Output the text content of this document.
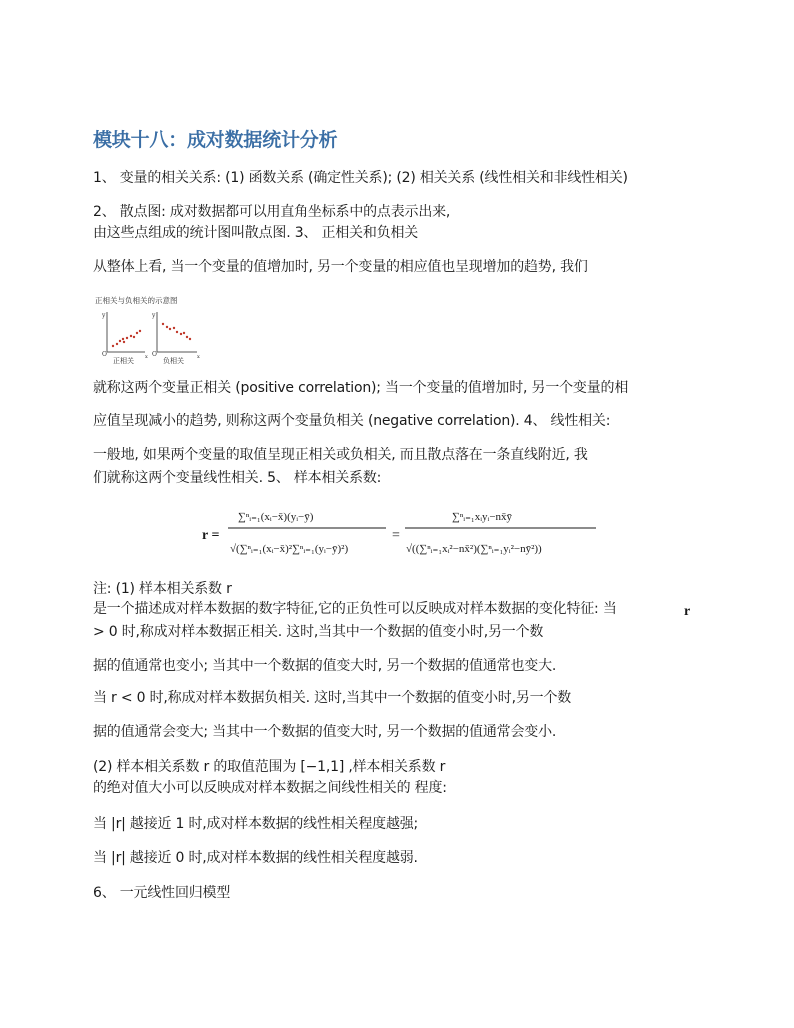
模块十八：成对数据统计分析
1、 变量的相关关系: (1) 函数关系 (确定性关系); (2) 相关关系 (线性相关和非线性相关)
2、 散点图: 成对数据都可以用直角坐标系中的点表示出来,
由这些点组成的统计图叫散点图. 3、 正相关和负相关
从整体上看, 当一个变量的值增加时, 另一个变量的相应值也呈现增加的趋势, 我们
正相关与负相关的示意图
y
O	x
正相关
y
O	x
负相关
就称这两个变量正相关 (positive correlation); 当一个变量的值增加时, 另一个变量的相
应值呈现减小的趋势, 则称这两个变量负相关 (negative correlation). 4、 线性相关:
一般地, 如果两个变量的取值呈现正相关或负相关, 而且散点落在一条直线附近, 我
们就称这两个变量线性相关. 5、 样本相关系数:
r =
∑ⁿᵢ₌₁(xᵢ−x̄)(yᵢ−ȳ)
√(∑ⁿᵢ₌₁(xᵢ−x̄)²∑ⁿᵢ₌₁(yᵢ−ȳ)²)
=
∑ⁿᵢ₌₁xᵢyᵢ−nx̄ȳ
√((∑ⁿᵢ₌₁xᵢ²−nx̄²)(∑ⁿᵢ₌₁yᵢ²−nȳ²))
注: (1) 样本相关系数 r
是一个描述成对样本数据的数字特征,它的正负性可以反映成对样本数据的变化特征: 当	r
> 0 时,称成对样本数据正相关. 这时,当其中一个数据的值变小时,另一个数
据的值通常也变小; 当其中一个数据的值变大时, 另一个数据的值通常也变大.
当 r < 0 时,称成对样本数据负相关. 这时,当其中一个数据的值变小时,另一个数
据的值通常会变大; 当其中一个数据的值变大时, 另一个数据的值通常会变小.
(2) 样本相关系数 r 的取值范围为 [−1,1] ,样本相关系数 r
的绝对值大小可以反映成对样本数据之间线性相关的 程度:
当 |r| 越接近 1 时,成对样本数据的线性相关程度越强;
当 |r| 越接近 0 时,成对样本数据的线性相关程度越弱.
6、 一元线性回归模型
